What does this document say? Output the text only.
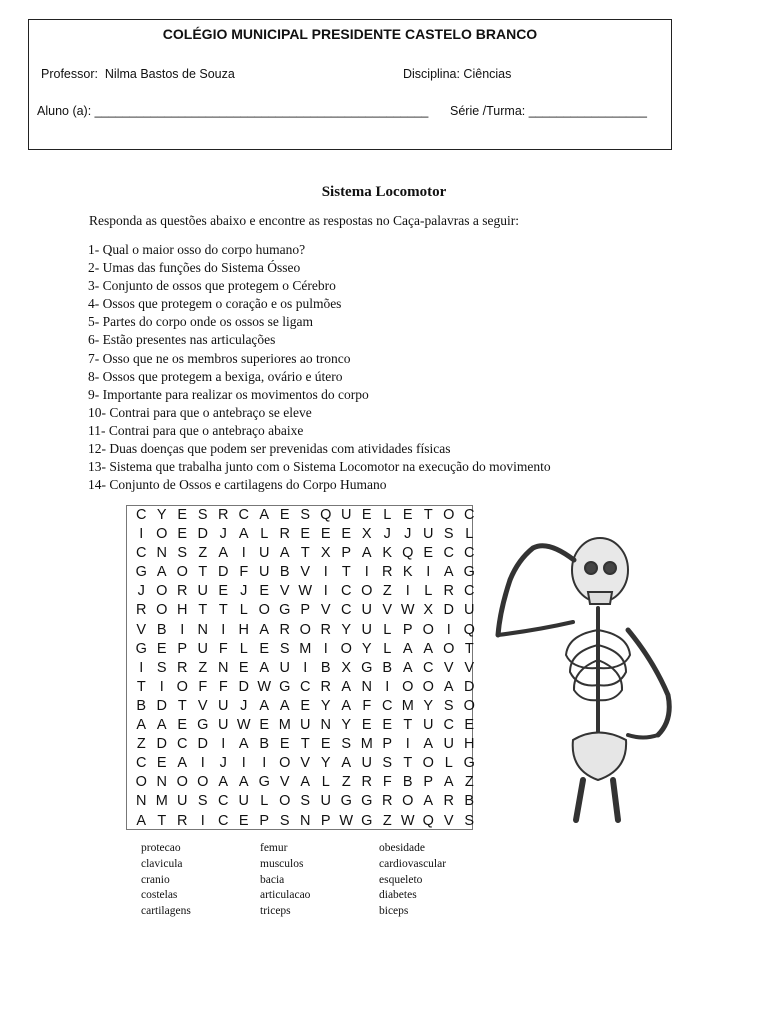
COLÉGIO MUNICIPAL PRESIDENTE CASTELO BRANCO
Professor:  Nilma Bastos de Souza	Disciplina: Ciências
Aluno (a): ________________________________________________ Série /Turma: _________________
Sistema Locomotor
Responda as questões abaixo e encontre as respostas no Caça-palavras a seguir:
1- Qual o maior osso do corpo humano?
2- Umas das funções do Sistema Ósseo
3- Conjunto de ossos que protegem o Cérebro
4- Ossos que protegem o coração e os pulmões
5- Partes do corpo onde os ossos se ligam
6- Estão presentes nas articulações
7- Osso que ne os membros superiores ao tronco
8- Ossos que protegem a bexiga, ovário e útero
9- Importante para realizar os movimentos do corpo
10- Contrai para que o antebraço se eleve
11- Contrai para que o antebraço abaixe
12- Duas doenças que podem ser prevenidas com atividades físicas
13- Sistema que trabalha junto com o Sistema Locomotor na execução do movimento
14- Conjunto de Ossos e cartilagens do Corpo Humano
C Y E S R C A E S Q U E L E T O C
I O E D J A L R E E E X J J U S L
C N S Z A I U A T X P A K Q E C C
G A O T D F U B V I T I R K I A G
J O R U E J E V W I C O Z I L R C
R O H T T L O G P V C U V W X D U
V B I N I H A R O R Y U L P O I Q
G E P U F L E S M I O Y L A A O T
I S R Z N E A U I B X G B A C V V
T I O F F D W G C R A N I O O A D
B D T V U J A A E Y A F C M Y S O
A A E G U W E M U N Y E E T U C E
Z D C D I A B E T E S M P I A U H
C E A I	J	I	I O V Y A U S T O L G
O N O O A A G V A L Z R F B P A Z
N M U S C U L O S U G G R O A R B
A T R I C E P S N P W G Z W Q V S
protecao
clavicula
cranio
costelas
cartilagens
femur
musculos
bacia
articulacao
triceps
obesidade
cardiovascular
esqueleto
diabetes
biceps
